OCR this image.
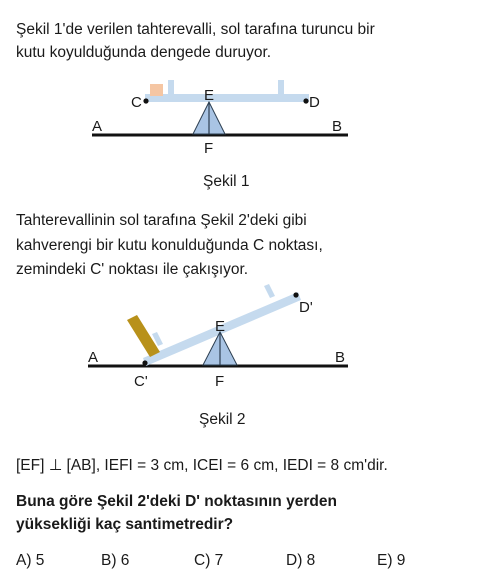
Şekil 1'de verilen tahterevalli, sol tarafına turuncu bir
kutu koyulduğunda dengede duruyor.
A	B
C	D
E
F
A	B
C'
D'
E
F
Şekil 1
Tahterevallinin sol tarafına Şekil 2'deki gibi
kahverengi bir kutu konulduğunda C noktası,
zemindeki C' noktası ile çakışıyor.
Şekil 2
[EF] ⊥ [AB], IEFI = 3 cm, ICEI = 6 cm, IEDI = 8 cm'dir.
Buna göre Şekil 2'deki D' noktasının yerden
yüksekliği kaç santimetredir?
A) 5	B) 6	C) 7	D) 8	E) 9
